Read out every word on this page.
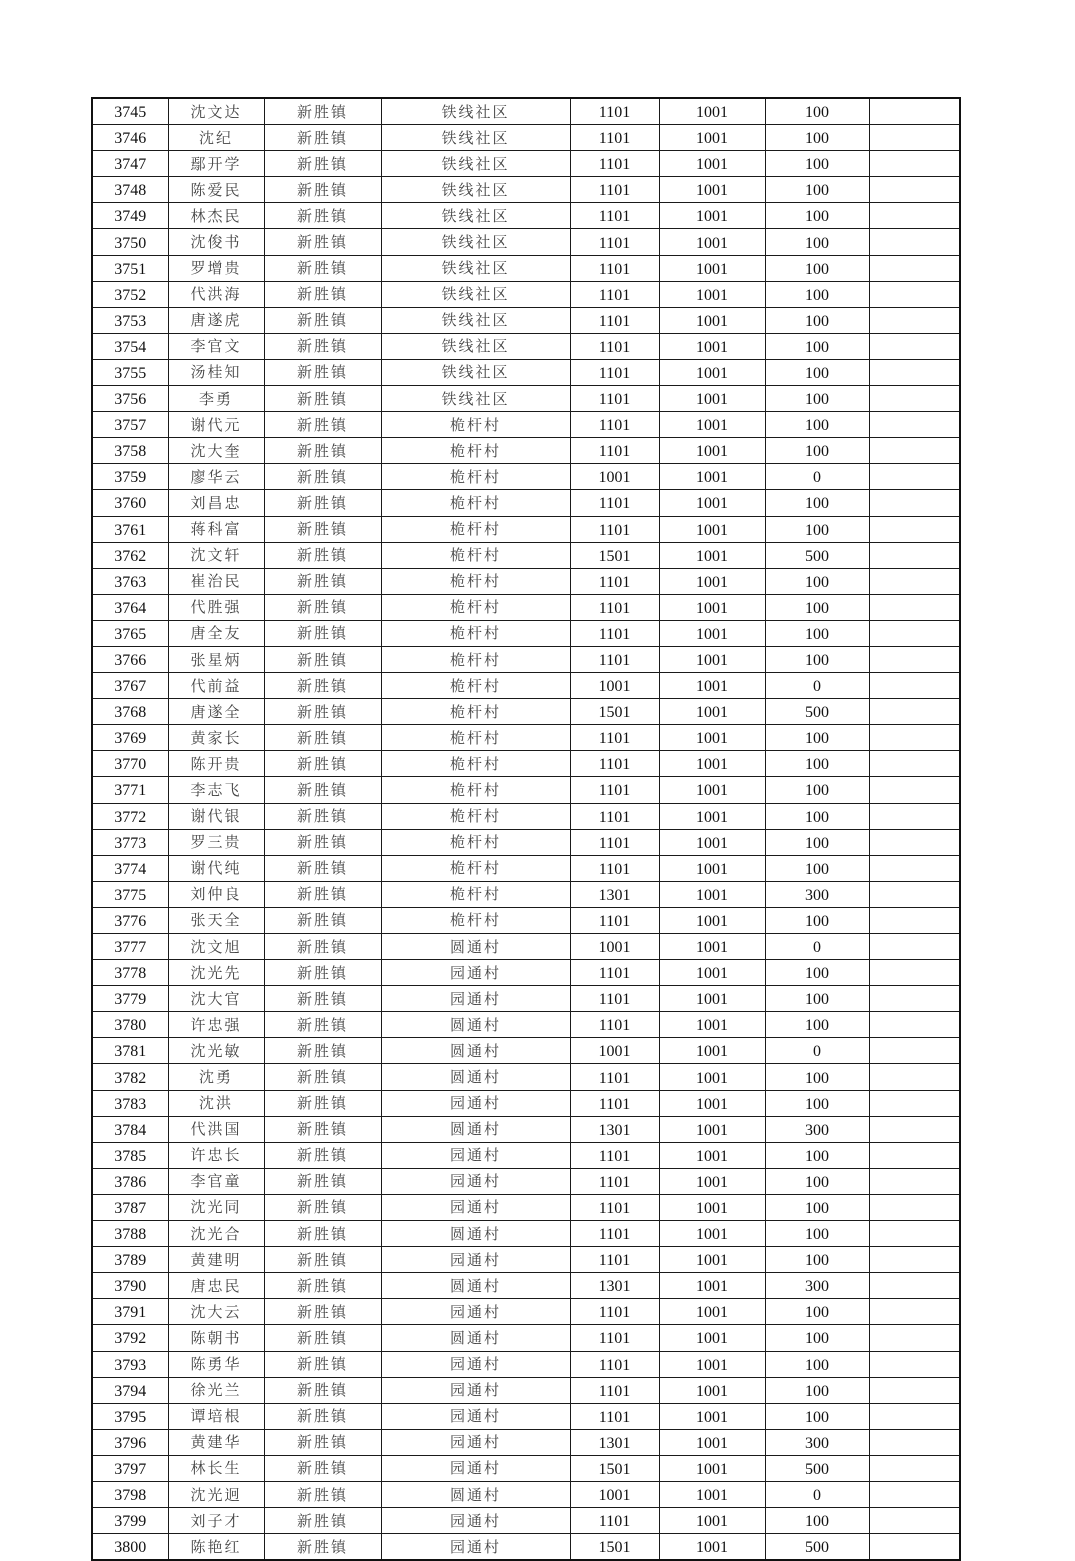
3745	沈文达	新胜镇	铁线社区	1101	1001	100	
3746	沈纪	新胜镇	铁线社区	1101	1001	100	
3747	鄢开学	新胜镇	铁线社区	1101	1001	100	
3748	陈爱民	新胜镇	铁线社区	1101	1001	100	
3749	林杰民	新胜镇	铁线社区	1101	1001	100	
3750	沈俊书	新胜镇	铁线社区	1101	1001	100	
3751	罗增贵	新胜镇	铁线社区	1101	1001	100	
3752	代洪海	新胜镇	铁线社区	1101	1001	100	
3753	唐遂虎	新胜镇	铁线社区	1101	1001	100	
3754	李官文	新胜镇	铁线社区	1101	1001	100	
3755	汤桂知	新胜镇	铁线社区	1101	1001	100	
3756	李勇	新胜镇	铁线社区	1101	1001	100	
3757	谢代元	新胜镇	桅杆村	1101	1001	100	
3758	沈大奎	新胜镇	桅杆村	1101	1001	100	
3759	廖华云	新胜镇	桅杆村	1001	1001	0	
3760	刘昌忠	新胜镇	桅杆村	1101	1001	100	
3761	蒋科富	新胜镇	桅杆村	1101	1001	100	
3762	沈文轩	新胜镇	桅杆村	1501	1001	500	
3763	崔治民	新胜镇	桅杆村	1101	1001	100	
3764	代胜强	新胜镇	桅杆村	1101	1001	100	
3765	唐全友	新胜镇	桅杆村	1101	1001	100	
3766	张星炳	新胜镇	桅杆村	1101	1001	100	
3767	代前益	新胜镇	桅杆村	1001	1001	0	
3768	唐遂全	新胜镇	桅杆村	1501	1001	500	
3769	黄家长	新胜镇	桅杆村	1101	1001	100	
3770	陈开贵	新胜镇	桅杆村	1101	1001	100	
3771	李志飞	新胜镇	桅杆村	1101	1001	100	
3772	谢代银	新胜镇	桅杆村	1101	1001	100	
3773	罗三贵	新胜镇	桅杆村	1101	1001	100	
3774	谢代纯	新胜镇	桅杆村	1101	1001	100	
3775	刘仲良	新胜镇	桅杆村	1301	1001	300	
3776	张天全	新胜镇	桅杆村	1101	1001	100	
3777	沈文旭	新胜镇	圆通村	1001	1001	0	
3778	沈光先	新胜镇	园通村	1101	1001	100	
3779	沈大官	新胜镇	园通村	1101	1001	100	
3780	许忠强	新胜镇	圆通村	1101	1001	100	
3781	沈光敏	新胜镇	圆通村	1001	1001	0	
3782	沈勇	新胜镇	圆通村	1101	1001	100	
3783	沈洪	新胜镇	园通村	1101	1001	100	
3784	代洪国	新胜镇	圆通村	1301	1001	300	
3785	许忠长	新胜镇	园通村	1101	1001	100	
3786	李官童	新胜镇	园通村	1101	1001	100	
3787	沈光同	新胜镇	园通村	1101	1001	100	
3788	沈光合	新胜镇	圆通村	1101	1001	100	
3789	黄建明	新胜镇	园通村	1101	1001	100	
3790	唐忠民	新胜镇	圆通村	1301	1001	300	
3791	沈大云	新胜镇	园通村	1101	1001	100	
3792	陈朝书	新胜镇	圆通村	1101	1001	100	
3793	陈勇华	新胜镇	园通村	1101	1001	100	
3794	徐光兰	新胜镇	园通村	1101	1001	100	
3795	谭培根	新胜镇	园通村	1101	1001	100	
3796	黄建华	新胜镇	园通村	1301	1001	300	
3797	林长生	新胜镇	园通村	1501	1001	500	
3798	沈光迥	新胜镇	圆通村	1001	1001	0	
3799	刘子才	新胜镇	园通村	1101	1001	100	
3800	陈艳红	新胜镇	园通村	1501	1001	500	
